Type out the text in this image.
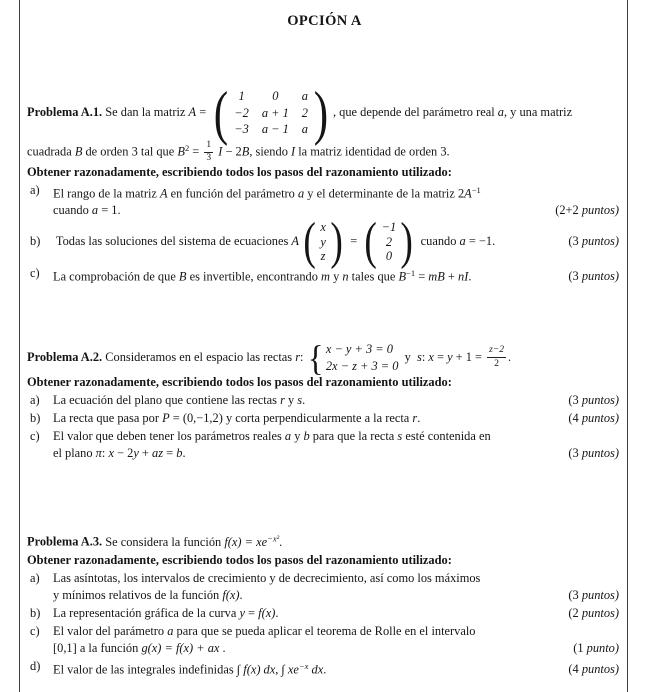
OPCIÓN A
Problema A.1. Se dan la matriz A = ( 1 0 a
−2 a + 1 2
−3 a − 1 a ) , que depende del parámetro real a, y una matriz
cuadrada B de orden 3 tal que $B^2 = \frac{1}{3}$ I − 2B, siendo I la matriz identidad de orden 3.
Obtener razonadamente, escribiendo todos los pasos del razonamiento utilizado:
a)	El rango de la matriz A en función del parámetro a y el determinante de la matriz $2A^{-1}$
cuando a = 1.	(2+2 puntos)
b)	Todas las soluciones del sistema de ecuaciones A ( x
y
z ) = ( −1
2
0 ) cuando a = −1.	(3 puntos)
c)	La comprobación de que B es invertible, encontrando m y n tales que $B^{-1}$ = mB + nI.	(3 puntos)
Problema A.2. Consideramos en el espacio las rectas r: { x − y + 3 = 0
2x − z + 3 = 0
y  s: $x = y + 1 = \frac{z-2}{2}$ .
Obtener razonadamente, escribiendo todos los pasos del razonamiento utilizado:
a)	La ecuación del plano que contiene las rectas r y s.	(3 puntos)
b)	La recta que pasa por P = (0,−1,2) y corta perpendicularmente a la recta r.	(4 puntos)
c)	El valor que deben tener los parámetros reales a y b para que la recta s esté contenida en
el plano π: x − 2y + az = b.	(3 puntos)
Problema A.3. Se considera la función $f(x) = xe^{-x^2}$.
Obtener razonadamente, escribiendo todos los pasos del razonamiento utilizado:
a)	Las asíntotas, los intervalos de crecimiento y de decrecimiento, así como los máximos
y mínimos relativos de la función f(x).	(3 puntos)
b)	La representación gráfica de la curva y = f(x).	(2 puntos)
c)	El valor del parámetro a para que se pueda aplicar el teorema de Rolle en el intervalo
[0,1] a la función g(x) = f(x) + ax .	(1 punto)
d)	El valor de las integrales indefinidas ∫ f(x) dx, ∫ $xe^{-x}$ dx.	(4 puntos)
